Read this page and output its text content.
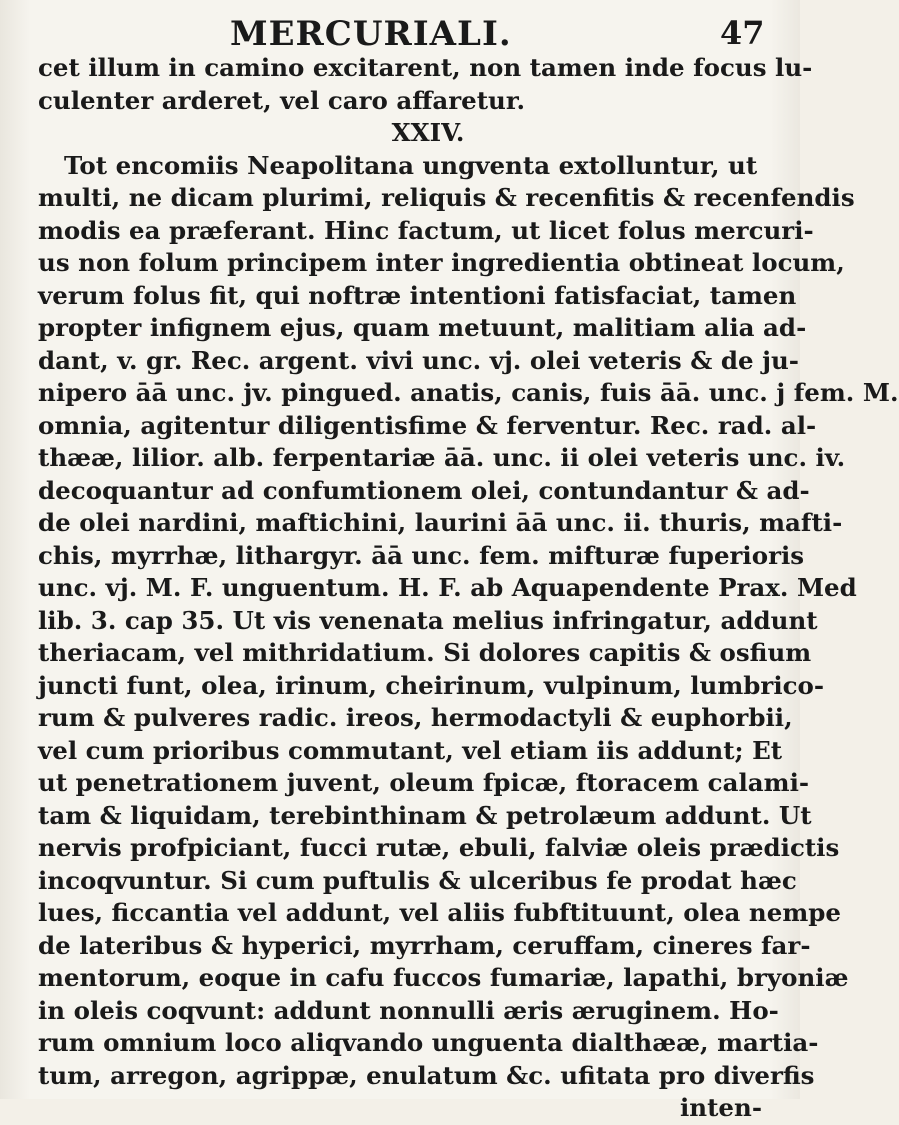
MERCURIALI.	47
cet illum in camino excitarent, non tamen inde focus lu-
culenter arderet, vel caro affaretur.
XXIV.
Tot encomiis Neapolitana ungventa extolluntur, ut
multi, ne dicam plurimi, reliquis & recenfitis & recenfendis
modis ea præferant. Hinc factum, ut licet folus mercuri-
us non folum principem inter ingredientia obtineat locum,
verum folus fit, qui noftræ intentioni fatisfaciat, tamen
propter infignem ejus, quam metuunt, malitiam alia ad-
dant, v. gr. Rec. argent. vivi unc. vj. olei veteris & de ju-
nipero āā unc. jv. pingued. anatis, canis, fuis āā. unc. j fem. M.
omnia, agitentur diligentisfime & ferventur. Rec. rad. al-
thææ, lilior. alb. ferpentariæ āā. unc. ii olei veteris unc. iv.
decoquantur ad confumtionem olei, contundantur & ad-
de olei nardini, maftichini, laurini āā unc. ii. thuris, mafti-
chis, myrrhæ, lithargyr. āā unc. fem. mifturæ fuperioris
unc. vj. M. F. unguentum. H. F. ab Aquapendente Prax. Med
lib. 3. cap 35. Ut vis venenata melius infringatur, addunt
theriacam, vel mithridatium. Si dolores capitis & osfium
juncti funt, olea, irinum, cheirinum, vulpinum, lumbrico-
rum & pulveres radic. ireos, hermodactyli & euphorbii,
vel cum prioribus commutant, vel etiam iis addunt; Et
ut penetrationem juvent, oleum fpicæ, ftoracem calami-
tam & liquidam, terebinthinam & petrolæum addunt. Ut
nervis profpiciant, fucci rutæ, ebuli, falviæ oleis prædictis
incoqvuntur. Si cum puftulis & ulceribus fe prodat hæc
lues, ficcantia vel addunt, vel aliis fubftituunt, olea nempe
de lateribus & hyperici, myrrham, ceruffam, cineres far-
mentorum, eoque in cafu fuccos fumariæ, lapathi, bryoniæ
in oleis coqvunt: addunt nonnulli æris æruginem. Ho-
rum omnium loco aliqvando unguenta dialthææ, martia-
tum, arregon, agrippæ, enulatum &c. ufitata pro diverfis
inten-
